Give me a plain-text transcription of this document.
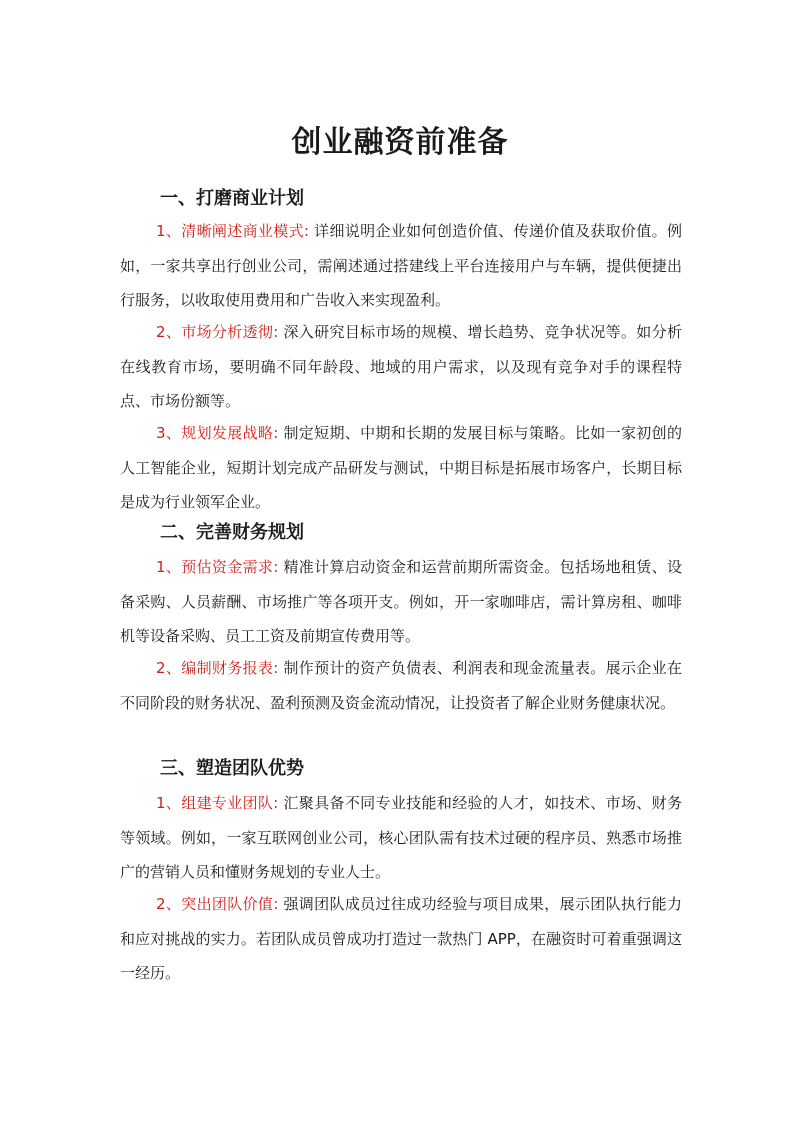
创业融资前准备
一、打磨商业计划

1、清晰阐述商业模式: 详细说明企业如何创造价值、传递价值及获取价值。例如，一家共享出行创业公司，需阐述通过搭建线上平台连接用户与车辆，提供便捷出行服务，以收取使用费用和广告收入来实现盈利。

2、市场分析透彻: 深入研究目标市场的规模、增长趋势、竞争状况等。如分析在线教育市场，要明确不同年龄段、地域的用户需求，以及现有竞争对手的课程特点、市场份额等。

3、规划发展战略: 制定短期、中期和长期的发展目标与策略。比如一家初创的人工智能企业，短期计划完成产品研发与测试，中期目标是拓展市场客户，长期目标是成为行业领军企业。

二、完善财务规划

1、预估资金需求: 精准计算启动资金和运营前期所需资金。包括场地租赁、设备采购、人员薪酬、市场推广等各项开支。例如，开一家咖啡店，需计算房租、咖啡机等设备采购、员工工资及前期宣传费用等。

2、编制财务报表: 制作预计的资产负债表、利润表和现金流量表。展示企业在不同阶段的财务状况、盈利预测及资金流动情况，让投资者了解企业财务健康状况。

三、塑造团队优势

1、组建专业团队: 汇聚具备不同专业技能和经验的人才，如技术、市场、财务等领域。例如，一家互联网创业公司，核心团队需有技术过硬的程序员、熟悉市场推广的营销人员和懂财务规划的专业人士。

2、突出团队价值: 强调团队成员过往成功经验与项目成果，展示团队执行能力和应对挑战的实力。若团队成员曾成功打造过一款热门 APP，在融资时可着重强调这一经历。
